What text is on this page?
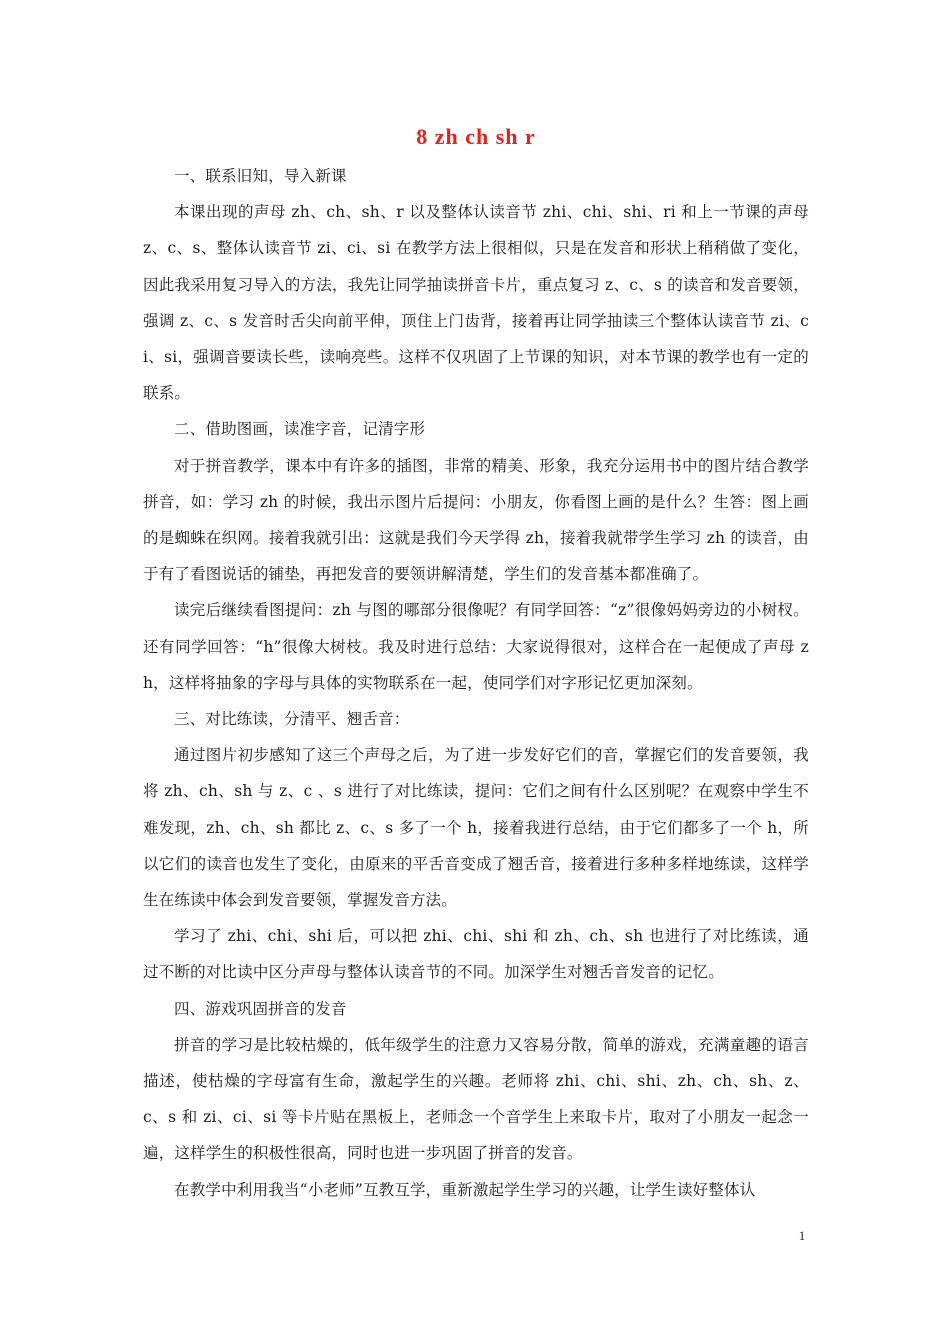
8 zh ch sh r

一、联系旧知，导入新课

本课出现的声母 zh、ch、sh、r 以及整体认读音节 zhi、chi、shi、ri 和上一节课的声母 z、c、s、整体认读音节 zi、ci、si 在教学方法上很相似，只是在发音和形状上稍稍做了变化，因此我采用复习导入的方法，我先让同学抽读拼音卡片，重点复习 z、c、s 的读音和发音要领，强调 z、c、s 发音时舌尖向前平伸，顶住上门齿背，接着再让同学抽读三个整体认读音节 zi、ci、si，强调音要读长些，读响亮些。这样不仅巩固了上节课的知识，对本节课的教学也有一定的联系。

二、借助图画，读准字音，记清字形

对于拼音教学，课本中有许多的插图，非常的精美、形象，我充分运用书中的图片结合教学拼音，如：学习 zh 的时候，我出示图片后提问：小朋友，你看图上画的是什么？生答：图上画的是蜘蛛在织网。接着我就引出：这就是我们今天学得 zh，接着我就带学生学习 zh 的读音，由于有了看图说话的铺垫，再把发音的要领讲解清楚，学生们的发音基本都准确了。

读完后继续看图提问：zh 与图的哪部分很像呢？有同学回答：“z”很像妈妈旁边的小树杈。还有同学回答：“h”很像大树枝。我及时进行总结：大家说得很对，这样合在一起便成了声母 zh，这样将抽象的字母与具体的实物联系在一起，使同学们对字形记忆更加深刻。

三、对比练读，分清平、翘舌音：

通过图片初步感知了这三个声母之后，为了进一步发好它们的音，掌握它们的发音要领，我将 zh、ch、sh 与 z、c 、s 进行了对比练读，提问：它们之间有什么区别呢？在观察中学生不难发现，zh、ch、sh 都比 z、c、s 多了一个 h，接着我进行总结，由于它们都多了一个 h，所以它们的读音也发生了变化，由原来的平舌音变成了翘舌音，接着进行多种多样地练读，这样学生在练读中体会到发音要领，掌握发音方法。

学习了 zhi、chi、shi 后，可以把 zhi、chi、shi 和 zh、ch、sh 也进行了对比练读，通过不断的对比读中区分声母与整体认读音节的不同。加深学生对翘舌音发音的记忆。

四、游戏巩固拼音的发音

拼音的学习是比较枯燥的，低年级学生的注意力又容易分散，简单的游戏，充满童趣的语言描述，使枯燥的字母富有生命，激起学生的兴趣。老师将 zhi、chi、shi、zh、ch、sh、z、c、s 和 zi、ci、si 等卡片贴在黑板上，老师念一个音学生上来取卡片，取对了小朋友一起念一遍，这样学生的积极性很高，同时也进一步巩固了拼音的发音。

在教学中利用我当“小老师”互教互学，重新激起学生学习的兴趣，让学生读好整体认

1
